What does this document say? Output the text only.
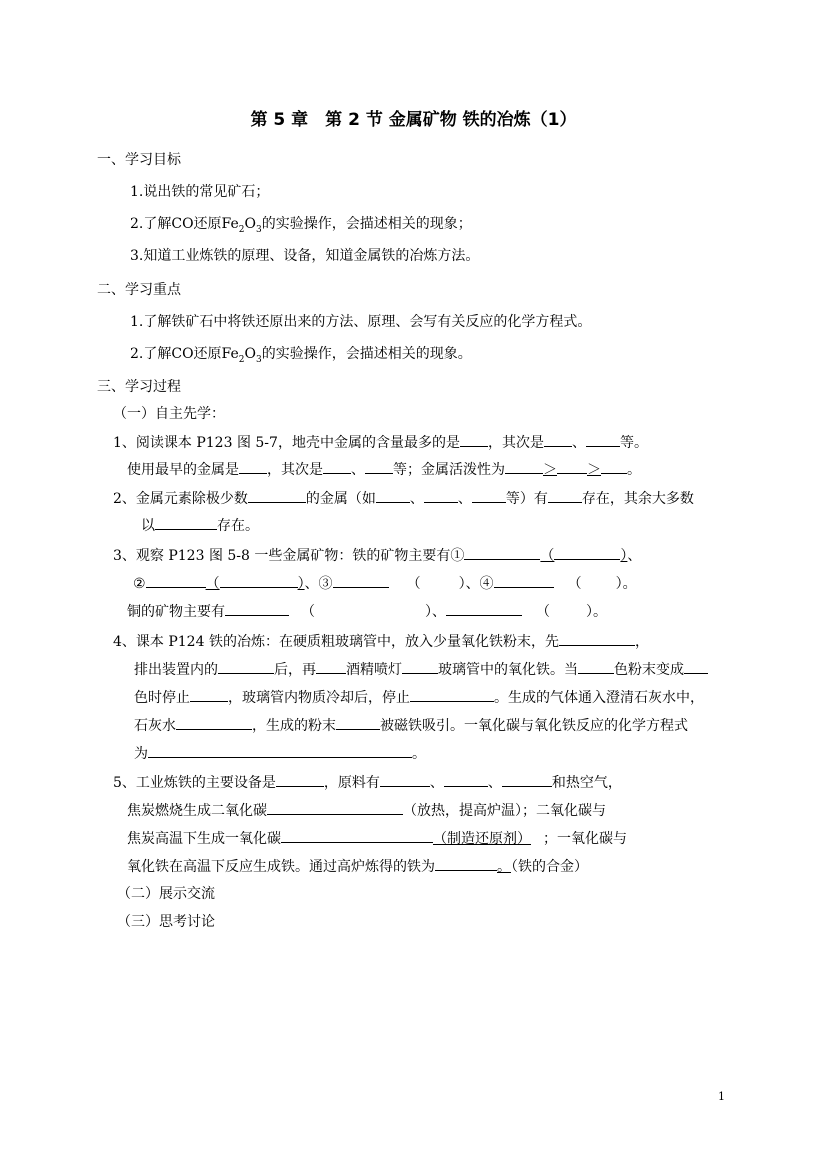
第 5 章　第 2 节 金属矿物 铁的冶炼（1）
一、学习目标
1.说出铁的常见矿石；
2.了解CO还原$Fe_2O_3$的实验操作，会描述相关的现象；
3.知道工业炼铁的原理、设备，知道金属铁的冶炼方法。
二、学习重点
1.了解铁矿石中将铁还原出来的方法、原理、会写有关反应的化学方程式。
2.了解CO还原$Fe_2O_3$的实验操作，会描述相关的现象。
三、学习过程
（一）自主先学：
1、阅读课本 P123 图 5-7，地壳中金属的含量最多的是 ，其次是 、 等。
使用最早的金属是 ，其次是 、 等；金属活泼性为	＞ ＞ 。
2、金属元素除极少数	的金属（如 、 、 等）有 存在，其余大多数
以	存在。
3、观察 P123 图 5-8 一些金属矿物：铁的矿物主要有①	（	）、
②	（	）、③	（	）、④	（ ）。
铜的矿物主要有	（	）、	（	）。
4、课本 P124 铁的冶炼：在硬质粗玻璃管中，放入少量氧化铁粉末，先	，
排出装置内的	后，再 酒精喷灯	玻璃管中的氧化铁。当	色粉末变成
色时停止	，玻璃管内物质冷却后，停止	。生成的气体通入澄清石灰水中，
石灰水	，生成的粉末	被磁铁吸引。一氧化碳与氧化铁反应的化学方程式
为	。
5、工业炼铁的主要设备是	，原料有	、	、	和热空气，
焦炭燃烧生成二氧化碳	（放热，提高炉温）；二氧化碳与
焦炭高温下生成一氧化碳	（制造还原剂） ；一氧化碳与
氧化铁在高温下反应生成铁。通过高炉炼得的铁为	。（铁的合金）
（二）展示交流
（三）思考讨论
1
